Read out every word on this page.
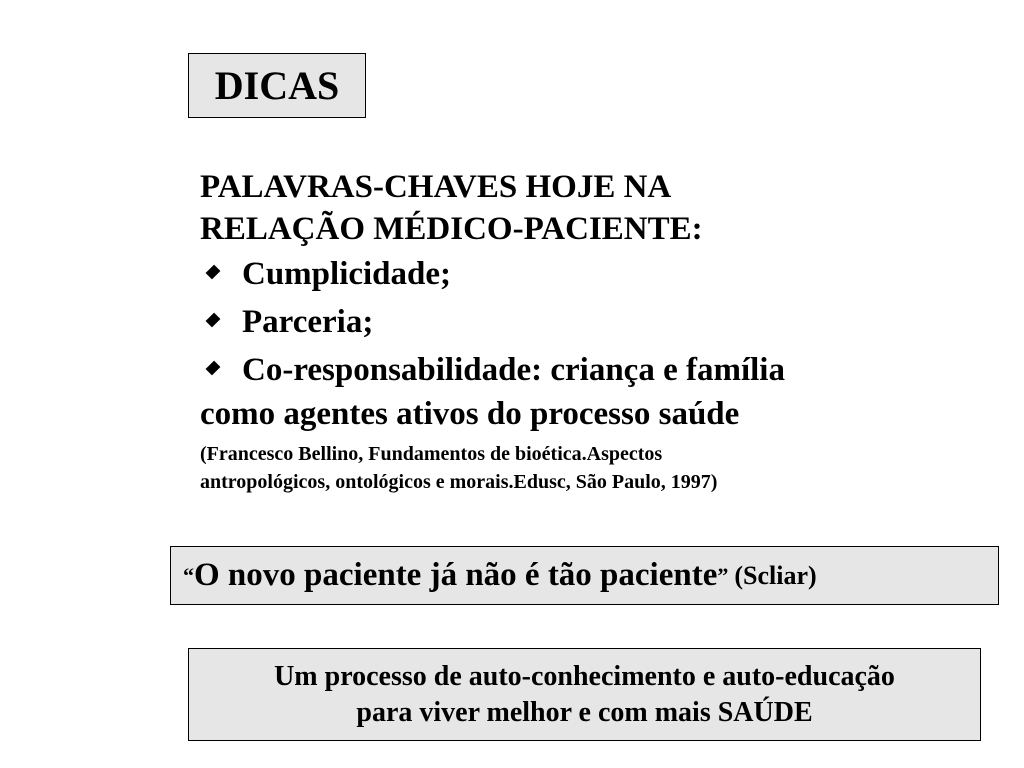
DICAS
PALAVRAS-CHAVES HOJE NA
RELAÇÃO MÉDICO-PACIENTE:
Cumplicidade;
Parceria;
Co-responsabilidade: criança e família
como agentes ativos do processo saúde
(Francesco Bellino, Fundamentos de bioética.Aspectos
antropológicos, ontológicos e morais.Edusc, São Paulo, 1997)
“ O novo paciente já não é tão paciente ” (Scliar)
Um processo de auto-conhecimento e auto-educação
para viver melhor e com mais SAÚDE
